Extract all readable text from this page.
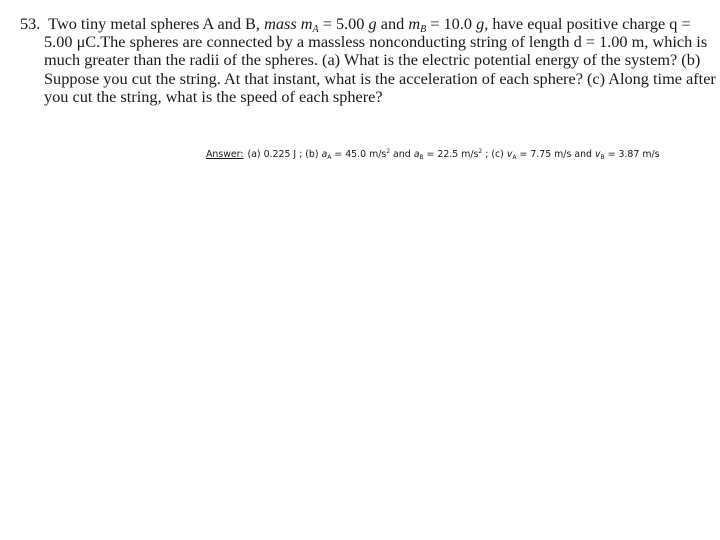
53. Two tiny metal spheres A and B, mass $m_A = 5.00$ g and $m_B = 10.0$ g, have equal positive charge q =
5.00 μC.The spheres are connected by a massless nonconducting string of length d = 1.00 m, which is
much greater than the radii of the spheres. (a) What is the electric potential energy of the system? (b)
Suppose you cut the string. At that instant, what is the acceleration of each sphere? (c) Along time after
you cut the string, what is the speed of each sphere?
Answer: (a) 0.225 J ; (b) $a_A = 45.0$ $m/s^2$ and $a_B = 22.5$ $m/s^2$ ; (c) $v_A = 7.75$ m/s and $v_B = 3.87$ m/s
